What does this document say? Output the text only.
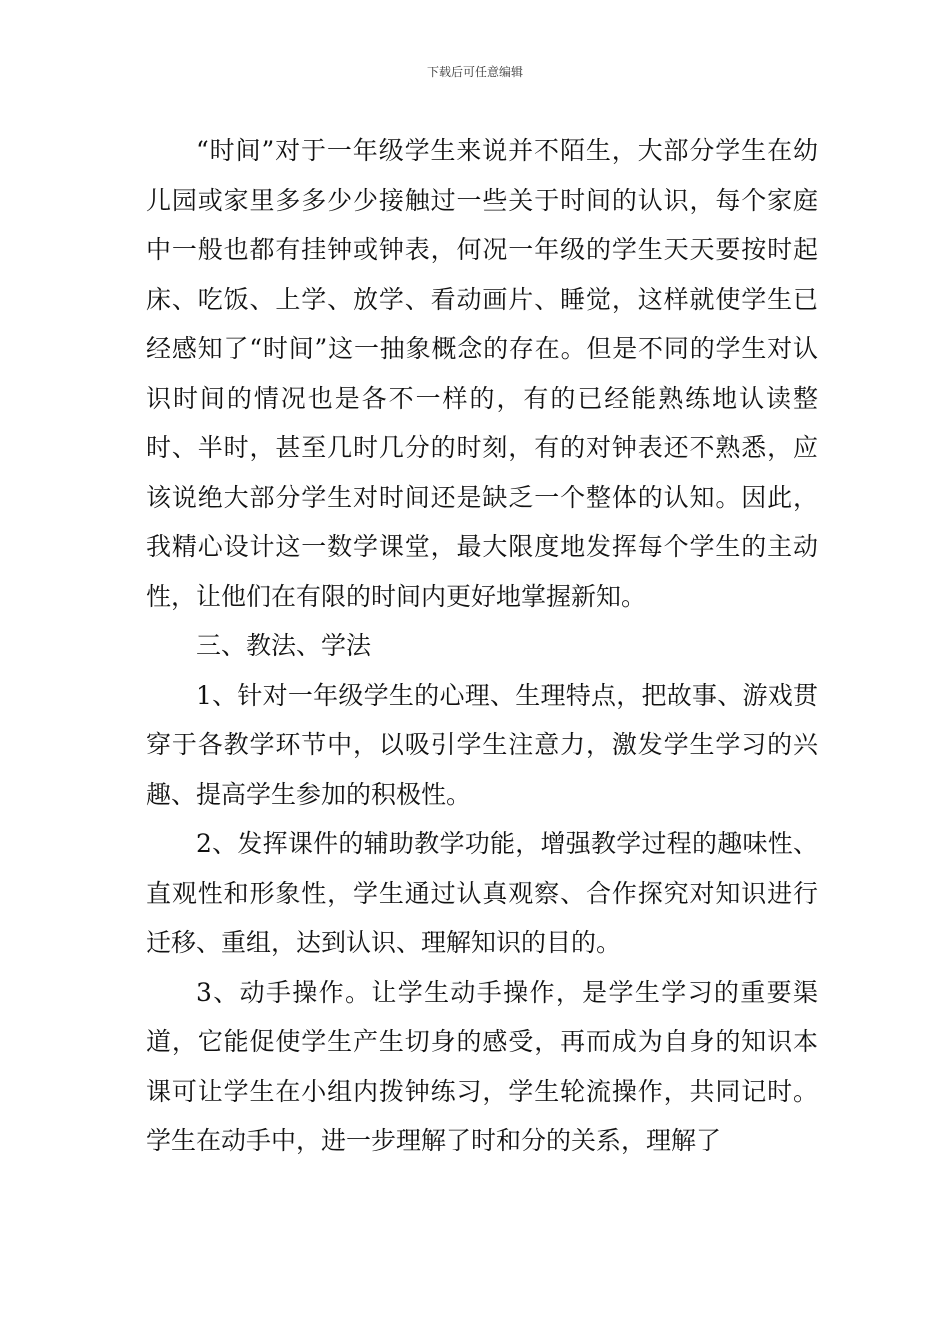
下载后可任意编辑

“时间”对于一年级学生来说并不陌生，大部分学生在幼儿园或家里多多少少接触过一些关于时间的认识，每个家庭中一般也都有挂钟或钟表，何况一年级的学生天天要按时起床、吃饭、上学、放学、看动画片、睡觉，这样就使学生已经感知了“时间”这一抽象概念的存在。但是不同的学生对认识时间的情况也是各不一样的，有的已经能熟练地认读整时、半时，甚至几时几分的时刻，有的对钟表还不熟悉，应该说绝大部分学生对时间还是缺乏一个整体的认知。因此，我精心设计这一数学课堂，最大限度地发挥每个学生的主动性，让他们在有限的时间内更好地掌握新知。

三、教法、学法

1、针对一年级学生的心理、生理特点，把故事、游戏贯穿于各教学环节中，以吸引学生注意力，激发学生学习的兴趣、提高学生参加的积极性。

2、发挥课件的辅助教学功能，增强教学过程的趣味性、直观性和形象性，学生通过认真观察、合作探究对知识进行迁移、重组，达到认识、理解知识的目的。

3、动手操作。让学生动手操作，是学生学习的重要渠道，它能促使学生产生切身的感受，再而成为自身的知识本课可让学生在小组内拨钟练习，学生轮流操作，共同记时。学生在动手中，进一步理解了时和分的关系，理解了
